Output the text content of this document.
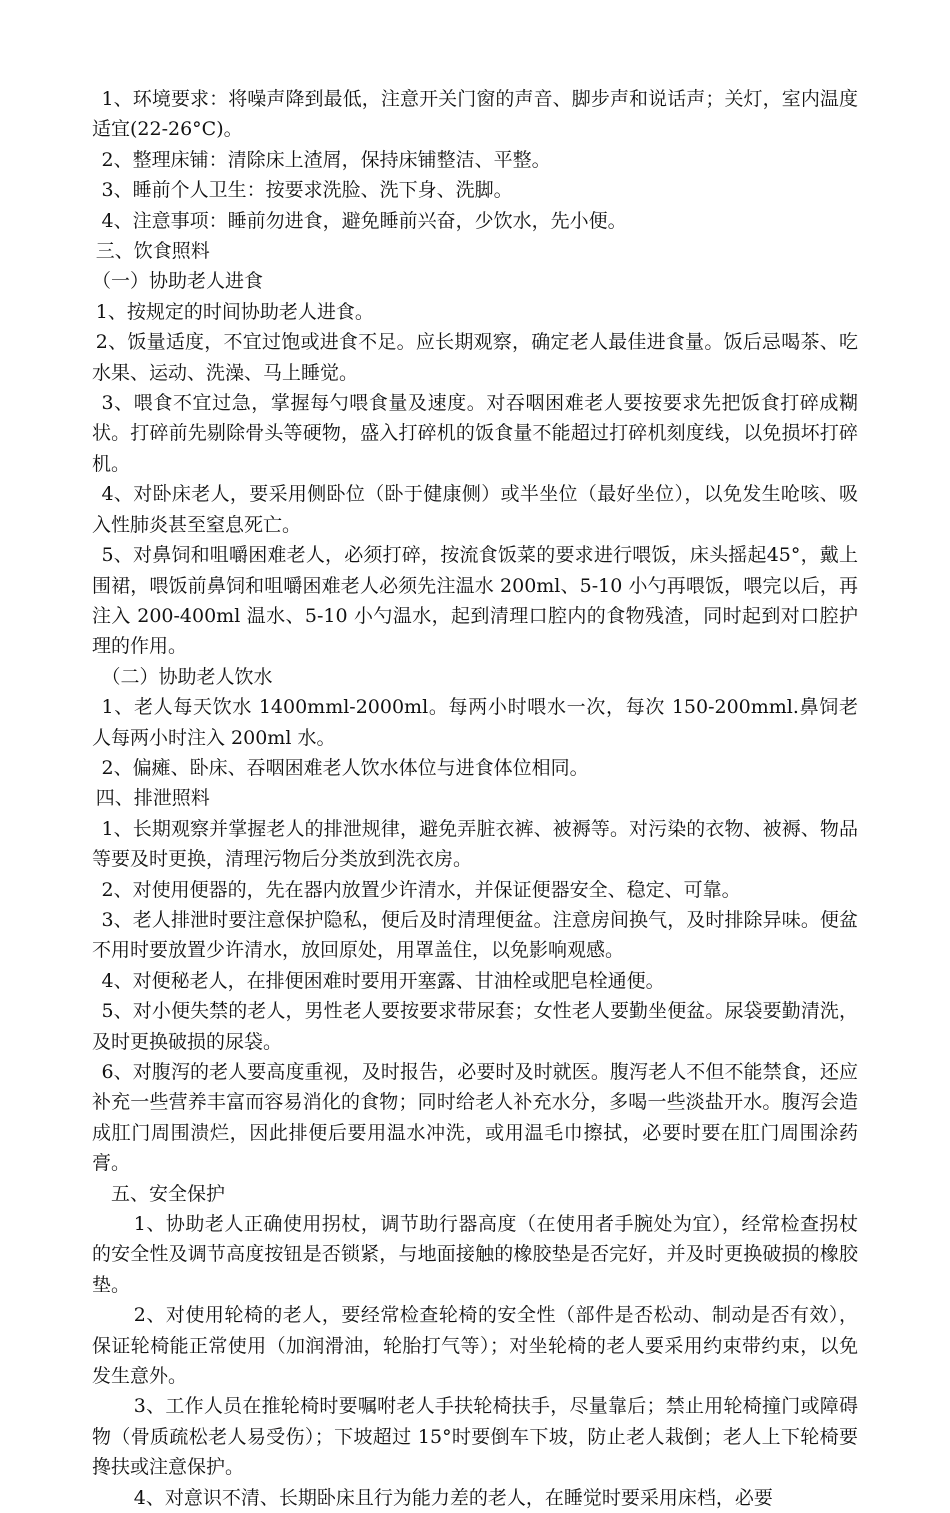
1、环境要求：将噪声降到最低，注意开关门窗的声音、脚步声和说话声；关灯，室内温度适宜(22-26°C)。

2、整理床铺：清除床上渣屑，保持床铺整洁、平整。

3、睡前个人卫生：按要求洗脸、洗下身、洗脚。

4、注意事项：睡前勿进食，避免睡前兴奋，少饮水，先小便。

三、饮食照料

（一）协助老人进食

1、按规定的时间协助老人进食。

2、饭量适度，不宜过饱或进食不足。应长期观察，确定老人最佳进食量。饭后忌喝茶、吃水果、运动、洗澡、马上睡觉。

3、喂食不宜过急，掌握每勺喂食量及速度。对吞咽困难老人要按要求先把饭食打碎成糊状。打碎前先剔除骨头等硬物，盛入打碎机的饭食量不能超过打碎机刻度线，以免损坏打碎机。

4、对卧床老人，要采用侧卧位（卧于健康侧）或半坐位（最好坐位），以免发生呛咳、吸入性肺炎甚至窒息死亡。

5、对鼻饲和咀嚼困难老人，必须打碎，按流食饭菜的要求进行喂饭，床头摇起45°，戴上围裙，喂饭前鼻饲和咀嚼困难老人必须先注温水 200ml、5-10 小勺再喂饭，喂完以后，再注入 200-400ml 温水、5-10 小勺温水，起到清理口腔内的食物残渣，同时起到对口腔护理的作用。

（二）协助老人饮水

1、老人每天饮水 1400mml-2000ml。每两小时喂水一次，每次 150-200mml.鼻饲老人每两小时注入 200ml 水。

2、偏瘫、卧床、吞咽困难老人饮水体位与进食体位相同。

四、排泄照料

1、长期观察并掌握老人的排泄规律，避免弄脏衣裤、被褥等。对污染的衣物、被褥、物品等要及时更换，清理污物后分类放到洗衣房。

2、对使用便器的，先在器内放置少许清水，并保证便器安全、稳定、可靠。

3、老人排泄时要注意保护隐私，便后及时清理便盆。注意房间换气，及时排除异味。便盆不用时要放置少许清水，放回原处，用罩盖住，以免影响观感。

4、对便秘老人，在排便困难时要用开塞露、甘油栓或肥皂栓通便。

5、对小便失禁的老人，男性老人要按要求带尿套；女性老人要勤坐便盆。尿袋要勤清洗，及时更换破损的尿袋。

6、对腹泻的老人要高度重视，及时报告，必要时及时就医。腹泻老人不但不能禁食，还应补充一些营养丰富而容易消化的食物；同时给老人补充水分，多喝一些淡盐开水。腹泻会造成肛门周围溃烂，因此排便后要用温水冲洗，或用温毛巾擦拭，必要时要在肛门周围涂药膏。

五、安全保护

1、协助老人正确使用拐杖，调节助行器高度（在使用者手腕处为宜），经常检查拐杖的安全性及调节高度按钮是否锁紧，与地面接触的橡胶垫是否完好，并及时更换破损的橡胶垫。

2、对使用轮椅的老人，要经常检查轮椅的安全性（部件是否松动、制动是否有效），保证轮椅能正常使用（加润滑油，轮胎打气等）；对坐轮椅的老人要采用约束带约束，以免发生意外。

3、工作人员在推轮椅时要嘱咐老人手扶轮椅扶手，尽量靠后；禁止用轮椅撞门或障碍物（骨质疏松老人易受伤）；下坡超过 15°时要倒车下坡，防止老人栽倒；老人上下轮椅要搀扶或注意保护。

4、对意识不清、长期卧床且行为能力差的老人，在睡觉时要采用床档，必要
